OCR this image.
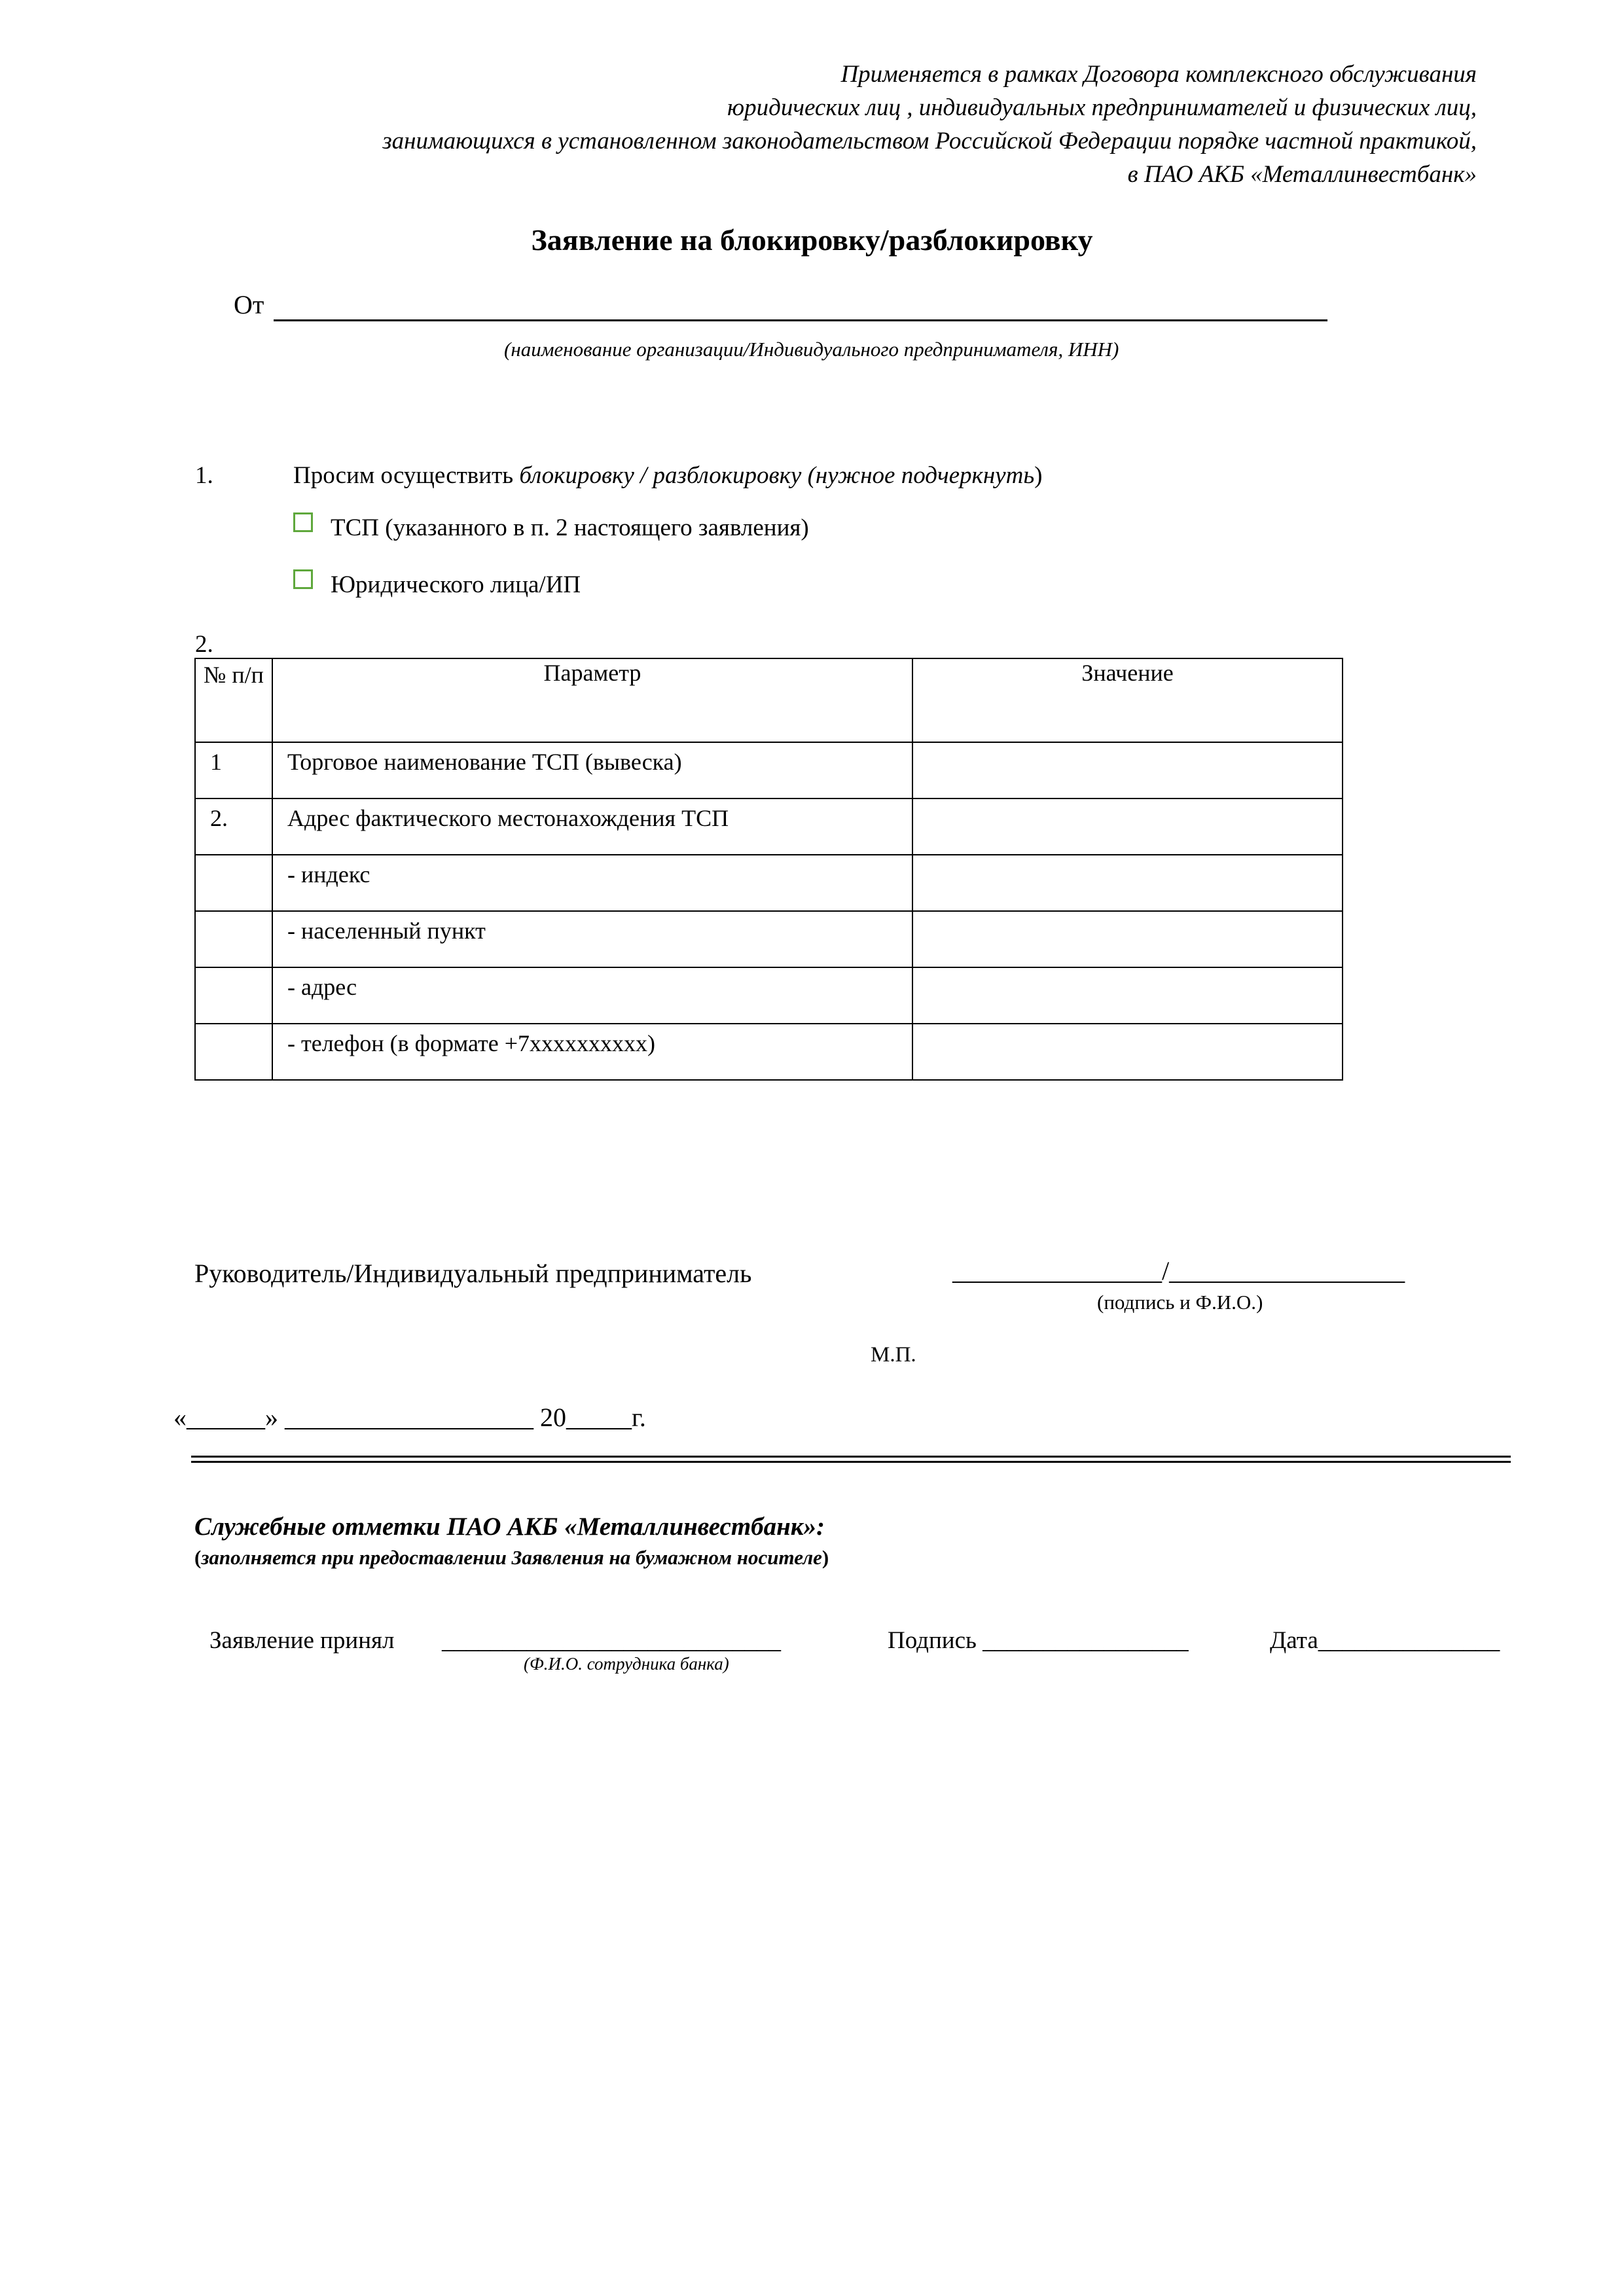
Применяется в рамках Договора комплексного обслуживания
юридических лиц , индивидуальных предпринимателей и физических лиц,
занимающихся в установленном законодательством Российской Федерации порядке частной практикой,
в ПАО АКБ «Металлинвестбанк»
Заявление на блокировку/разблокировку
От
(наименование организации/Индивидуального предпринимателя, ИНН)
1.	Просим осуществить блокировку / разблокировку (нужное подчеркнуть)
ТСП (указанного в п. 2 настоящего заявления)
Юридического лица/ИП
2.
№ п/п	Параметр	Значение

1	Торговое наименование ТСП (вывеска)	

2.	Адрес фактического местонахождения ТСП	

	- индекс	

	- населенный пункт	

	- адрес	

	- телефон (в формате +7xxxxxxxxxx)	

Руководитель/Индивидуальный предприниматель	________________/__________________
(подпись и Ф.И.О.)
М.П.
«______» ___________________ 20_____г.
Служебные отметки ПАО АКБ «Металлинвестбанк»:
(заполняется при предоставлении Заявления на бумажном носителе)
Заявление принял ____________________________
(Ф.И.О. сотрудника банка)
Подпись _________________	Дата_______________
